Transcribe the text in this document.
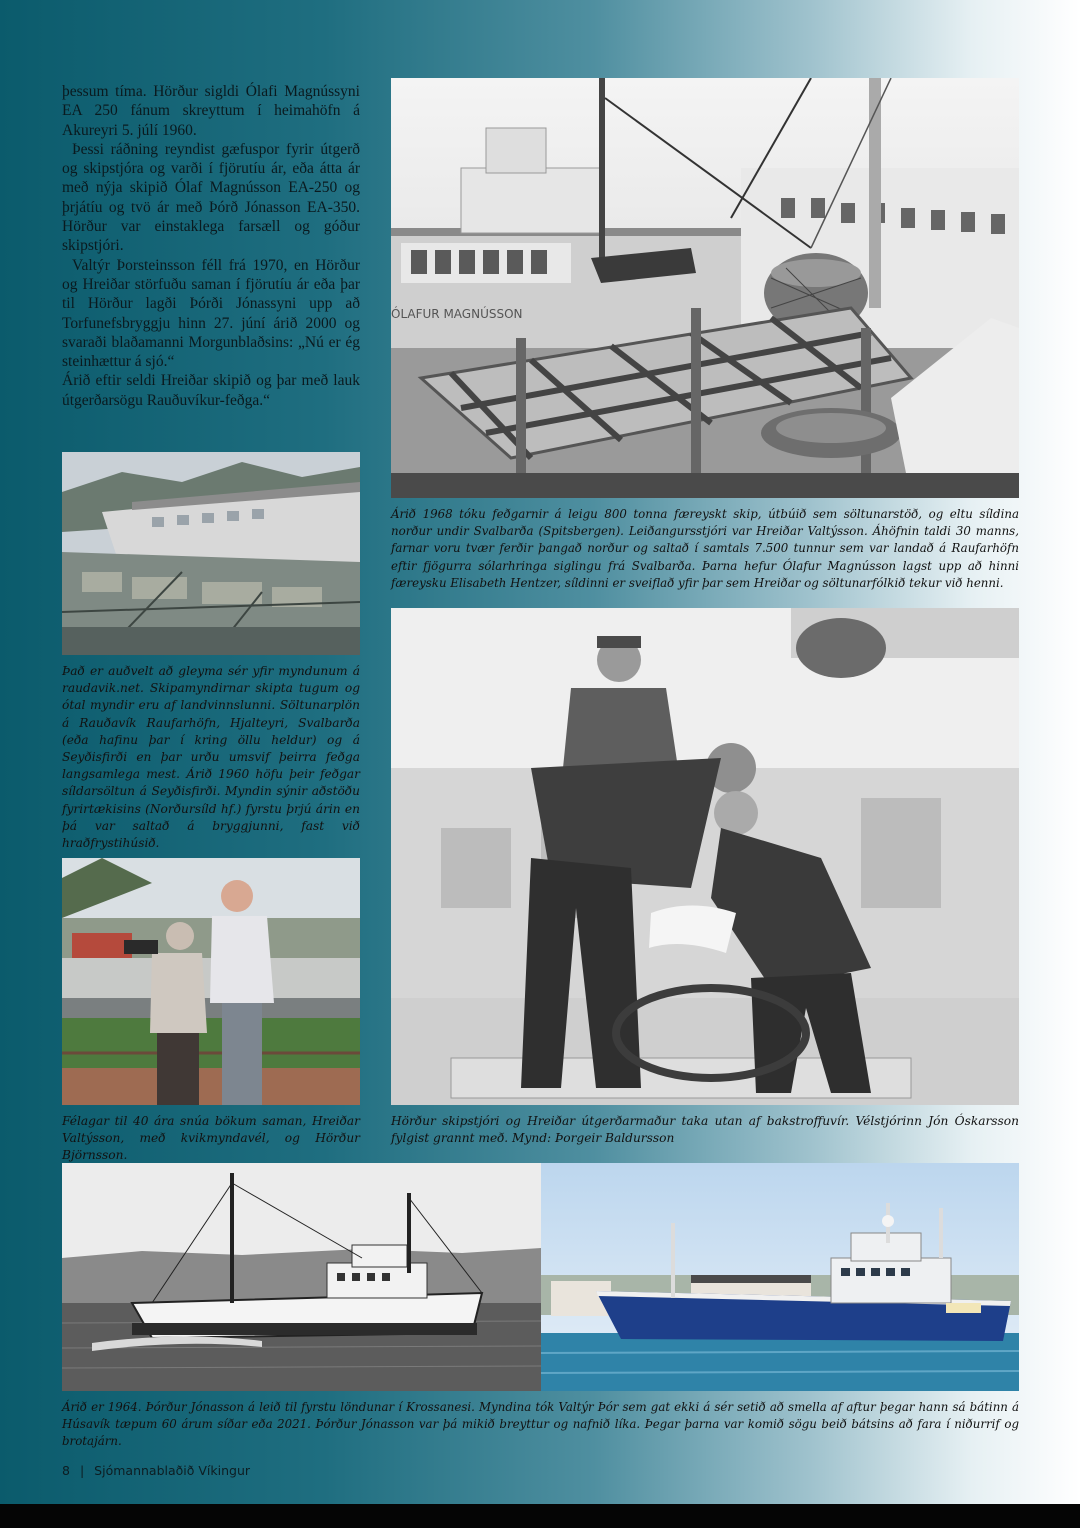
þessum tíma. Hörður sigldi Ólafi Magnússyni EA 250 fánum skreyttum í heimahöfn á Akureyri 5. júlí 1960.

Þessi ráðning reyndist gæfuspor fyrir útgerð og skipstjóra og varði í fjörutíu ár, eða átta ár með nýja skipið Ólaf Magnússon EA-250 og þrjátíu og tvö ár með Þórð Jónasson EA-350. Hörður var einstaklega farsæll og góður skipstjóri.

Valtýr Þorsteinsson féll frá 1970, en Hörður og Hreiðar störfuðu saman í fjörutíu ár eða þar til Hörður lagði Þórði Jónassyni upp að Torfunefsbryggju hinn 27. júní árið 2000 og svaraði blaðamanni Morgunblaðsins: „Nú er ég steinhættur á sjó.“

Árið eftir seldi Hreiðar skipið og þar með lauk útgerðarsögu Rauðuvíkur-feðga.“

ÓLAFUR MAGNÚSSON

Árið 1968 tóku feðgarnir á leigu 800 tonna færeyskt skip, útbúið sem söltunarstöð, og eltu síldina norður undir Svalbarða (Spitsbergen). Leiðangursstjóri var Hreiðar Valtýsson. Áhöfnin taldi 30 manns, farnar voru tvær ferðir þangað norður og saltað í samtals 7.500 tunnur sem var landað á Raufarhöfn eftir fjögurra sólarhringa siglingu frá Svalbarða. Þarna hefur Ólafur Magnússon lagst upp að hinni færeysku Elisabeth Hentzer, síldinni er sveiflað yfir þar sem Hreiðar og söltunarfólkið tekur við henni.

Það er auðvelt að gleyma sér yfir myndunum á raudavik.net. Skipamyndirnar skipta tugum og ótal myndir eru af landvinnslunni. Söltunarplön á Rauðavík Raufarhöfn, Hjalteyri, Svalbarða (eða hafinu þar í kring öllu heldur) og á Seyðisfirði en þar urðu umsvif þeirra feðga langsamlega mest. Árið 1960 höfu þeir feðgar síldarsöltun á Seyðisfirði. Myndin sýnir aðstöðu fyrirtækisins (Norðursíld hf.) fyrstu þrjú árin en þá var saltað á bryggjunni, fast við hraðfrystihúsið.

Félagar til 40 ára snúa bökum saman, Hreiðar Valtýsson, með kvikmyndavél, og Hörður Björnsson.

Hörður skipstjóri og Hreiðar útgerðarmaður taka utan af bakstroffuvír. Vélstjórinn Jón Óskarsson fylgist grannt með. Mynd: Þorgeir Baldursson

Árið er 1964. Þórður Jónasson á leið til fyrstu löndunar í Krossanesi. Myndina tók Valtýr Þór sem gat ekki á sér setið að smella af aftur þegar hann sá bátinn á Húsavík tæpum 60 árum síðar eða 2021. Þórður Jónasson var þá mikið breyttur og nafnið líka. Þegar þarna var komið sögu beið bátsins að fara í niðurrif og brotajárn.

8 | Sjómannablaðið Víkingur
